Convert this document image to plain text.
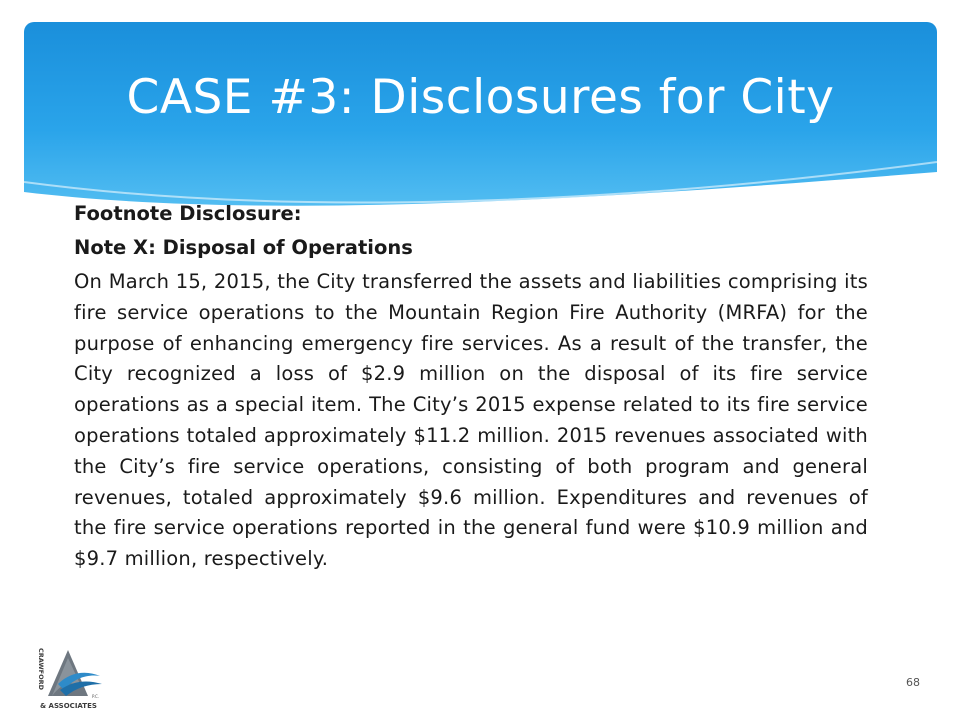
CASE #3: Disclosures for City

Footnote Disclosure:

Note X: Disposal of Operations

On March 15, 2015, the City transferred the assets and liabilities comprising its fire service operations to the Mountain Region Fire Authority (MRFA) for the purpose of enhancing emergency fire services. As a result of the transfer, the City recognized a loss of $2.9 million on the disposal of its fire service operations as a special item. The City’s 2015 expense related to its fire service operations totaled approximately $11.2 million. 2015 revenues associated with the City’s fire service operations, consisting of both program and general revenues, totaled approximately $9.6 million. Expenditures and revenues of the fire service operations reported in the general fund were $10.9 million and $9.7 million, respectively.

CRAWFORD
P.C.
& ASSOCIATES
68
